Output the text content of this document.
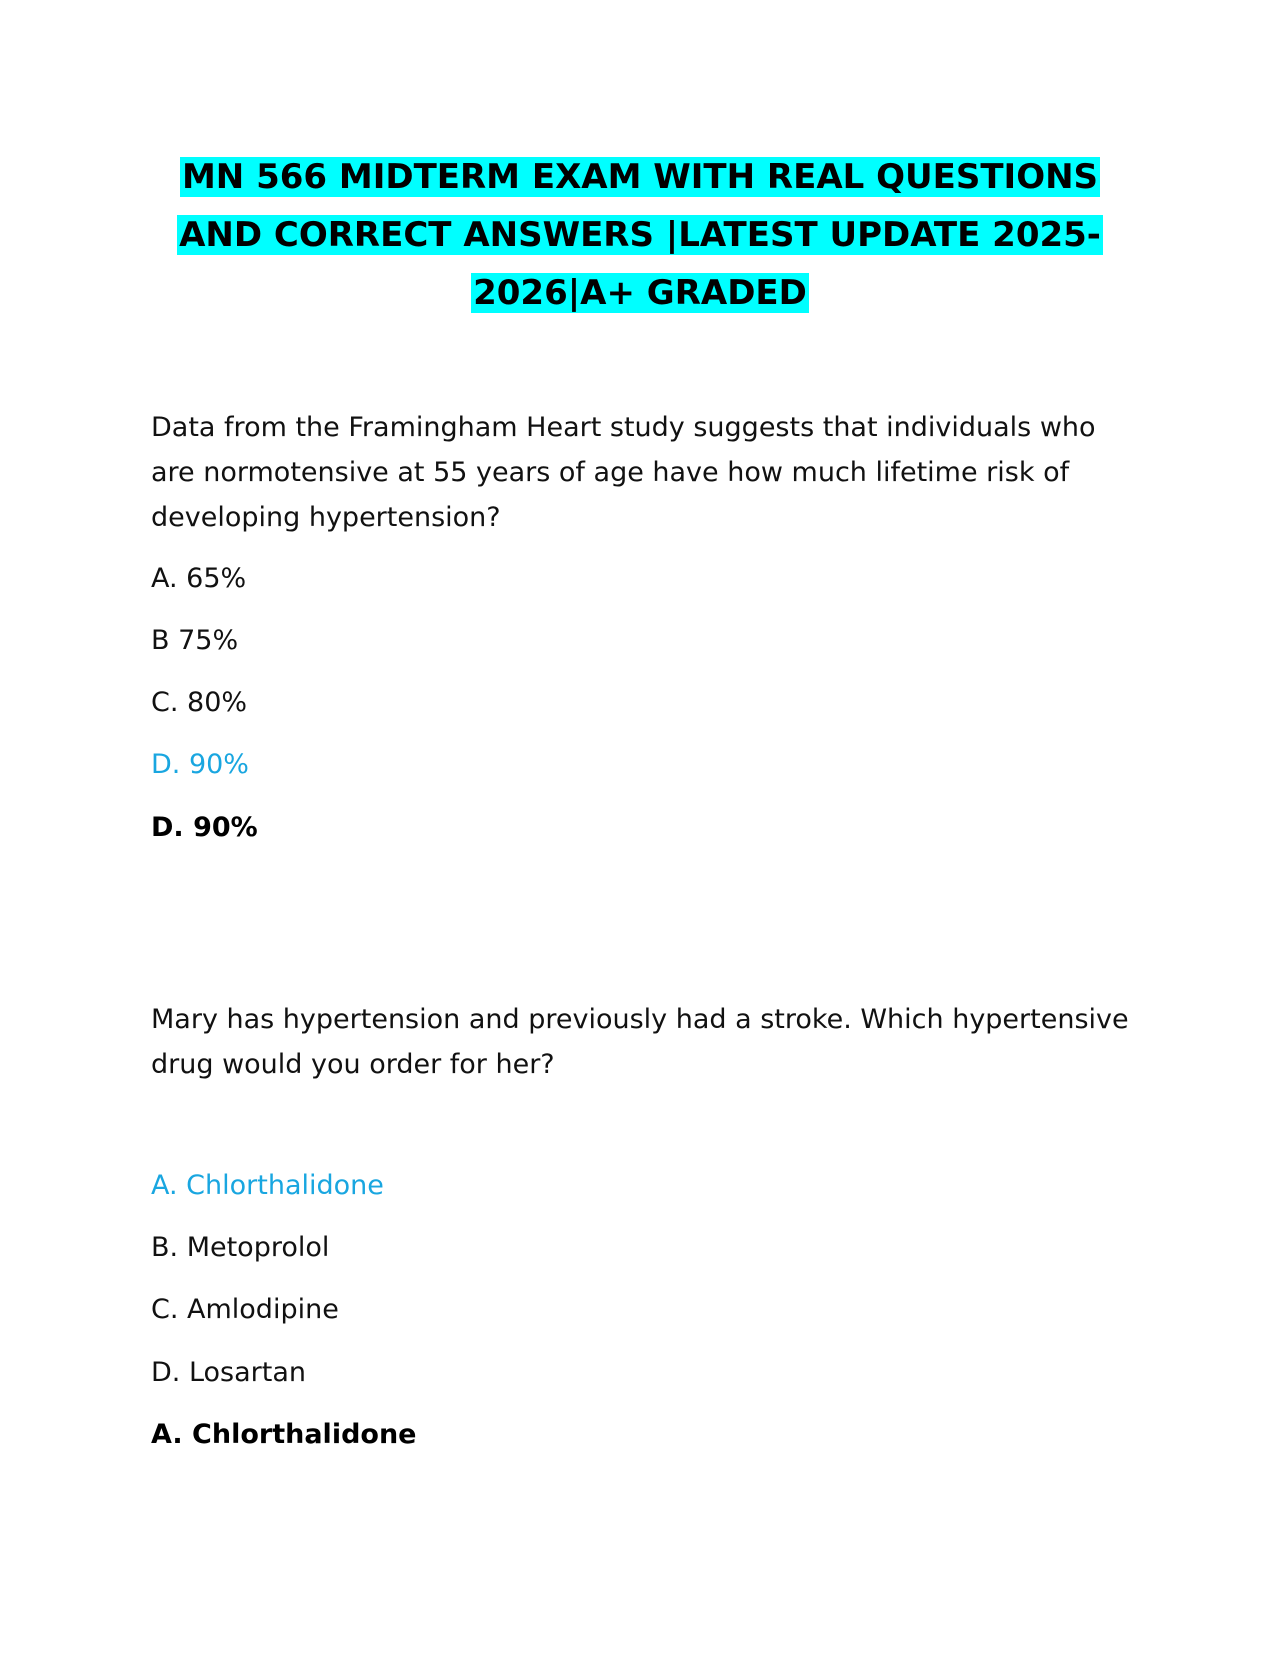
MN 566 MIDTERM EXAM WITH REAL QUESTIONS
AND CORRECT ANSWERS |LATEST UPDATE 2025-
2026|A+ GRADED

Data from the Framingham Heart study suggests that individuals who are normotensive at 55 years of age have how much lifetime risk of developing hypertension?

A. 65%

B 75%

C. 80%

D. 90%

D. 90%

Mary has hypertension and previously had a stroke. Which hypertensive drug would you order for her?

A. Chlorthalidone

B. Metoprolol

C. Amlodipine

D. Losartan

A. Chlorthalidone
